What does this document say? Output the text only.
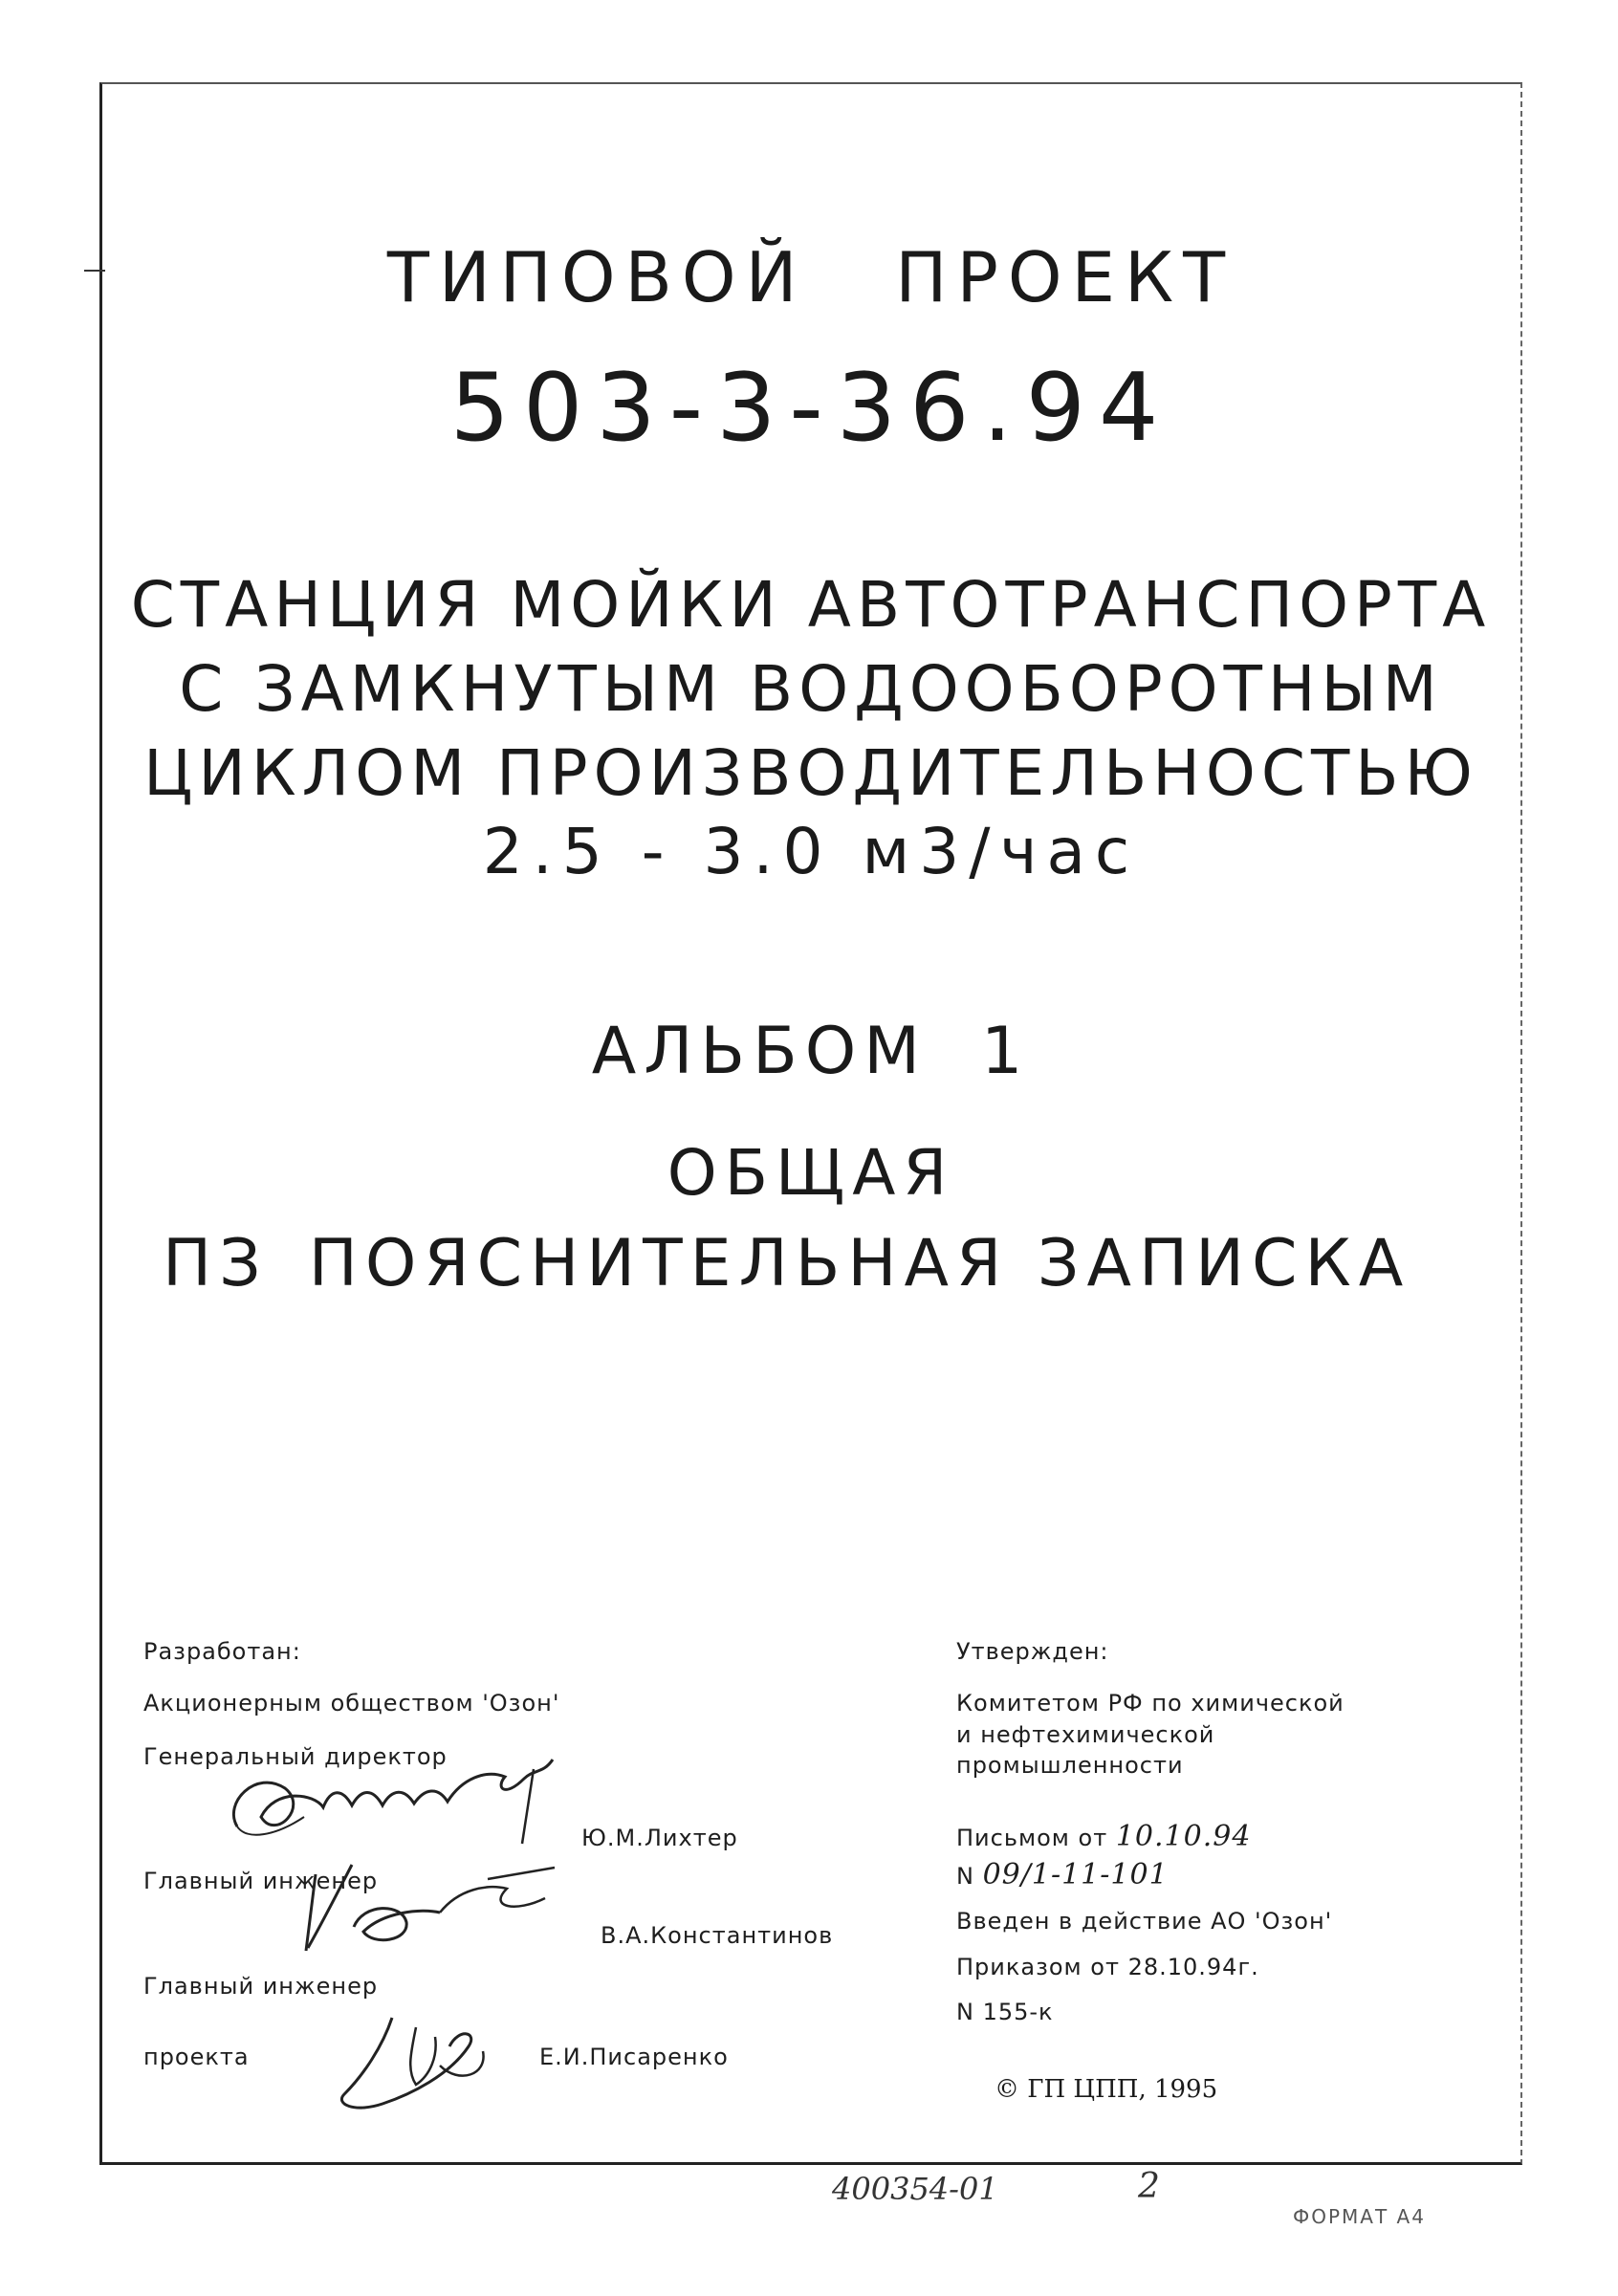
ТИПОВОЙ ПРОЕКТ
503-3-36.94
СТАНЦИЯ МОЙКИ АВТОТРАНСПОРТА
С ЗАМКНУТЫМ ВОДООБОРОТНЫМ
ЦИКЛОМ ПРОИЗВОДИТЕЛЬНОСТЬЮ
2.5 - 3.0 м3/час
АЛЬБОМ 1
ОБЩАЯ
ПЗ ПОЯСНИТЕЛЬНАЯ ЗАПИСКА
Разработан:
Акционерным обществом 'Озон'
Генеральный директор
Ю.М.Лихтер
Главный инженер
В.А.Константинов
Главный инженер
проекта	Е.И.Писаренко
Утвержден:
Комитетом РФ по химической
и нефтехимической
промышленности
Письмом от 10.10.94
N 09/1-11-101
Введен в действие АО 'Озон'
Приказом от 28.10.94г.
N 155-к
© ГП ЦПП, 1995
400354-01	2
ФОРМАТ А4
